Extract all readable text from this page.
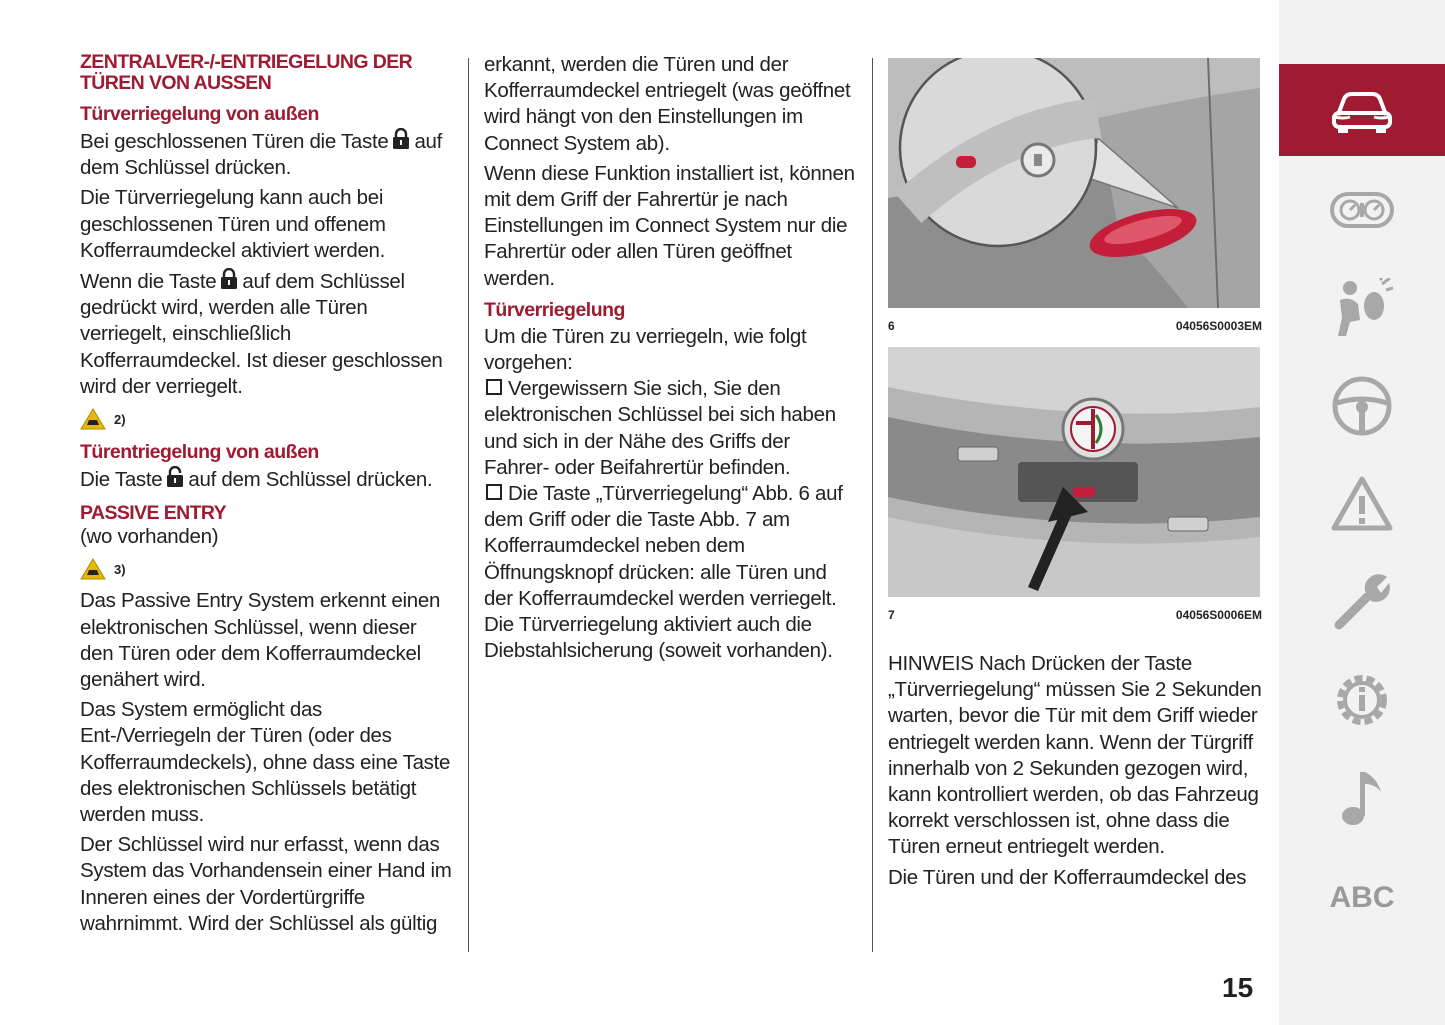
ZENTRALVER-/-ENTRIEGELUNG DER TÜREN VON AUSSEN
Türverriegelung von außen

Bei geschlossenen Türen die Taste auf dem Schlüssel drücken.

Die Türverriegelung kann auch bei geschlossenen Türen und offenem Kofferraumdeckel aktiviert werden.

Wenn die Taste auf dem Schlüssel gedrückt wird, werden alle Türen verriegelt, einschließlich Kofferraumdeckel. Ist dieser geschlossen wird der verriegelt.

2)
Türentriegelung von außen

Die Taste auf dem Schlüssel drücken.

PASSIVE ENTRY

(wo vorhanden)

3)

Das Passive Entry System erkennt einen elektronischen Schlüssel, wenn dieser den Türen oder dem Kofferraumdeckel genähert wird.

Das System ermöglicht das Ent-/Verriegeln der Türen (oder des Kofferraumdeckels), ohne dass eine Taste des elektronischen Schlüssels betätigt werden muss.

Der Schlüssel wird nur erfasst, wenn das System das Vorhandensein einer Hand im Inneren eines der Vordertürgriffe wahrnimmt. Wird der Schlüssel als gültig

erkannt, werden die Türen und der Kofferraumdeckel entriegelt (was geöffnet wird hängt von den Einstellungen im Connect System ab).

Wenn diese Funktion installiert ist, können mit dem Griff der Fahrertür je nach Einstellungen im Connect System nur die Fahrertür oder allen Türen geöffnet werden.

Türverriegelung

Um die Türen zu verriegeln, wie folgt vorgehen:

Vergewissern Sie sich, Sie den elektronischen Schlüssel bei sich haben und sich in der Nähe des Griffs der Fahrer- oder Beifahrertür befinden.

Die Taste „Türverriegelung“ Abb. 6 auf dem Griff oder die Taste Abb. 7 am Kofferraumdeckel neben dem Öffnungsknopf drücken: alle Türen und der Kofferraumdeckel werden verriegelt. Die Türverriegelung aktiviert auch die Diebstahlsicherung (soweit vorhanden).

6	04056S0003EM
7	04056S0006EM

HINWEIS Nach Drücken der Taste „Türverriegelung“ müssen Sie 2 Sekunden warten, bevor die Tür mit dem Griff wieder entriegelt werden kann. Wenn der Türgriff innerhalb von 2 Sekunden gezogen wird, kann kontrolliert werden, ob das Fahrzeug korrekt verschlossen ist, ohne dass die Türen erneut entriegelt werden.

Die Türen und der Kofferraumdeckel des

ABC
15
